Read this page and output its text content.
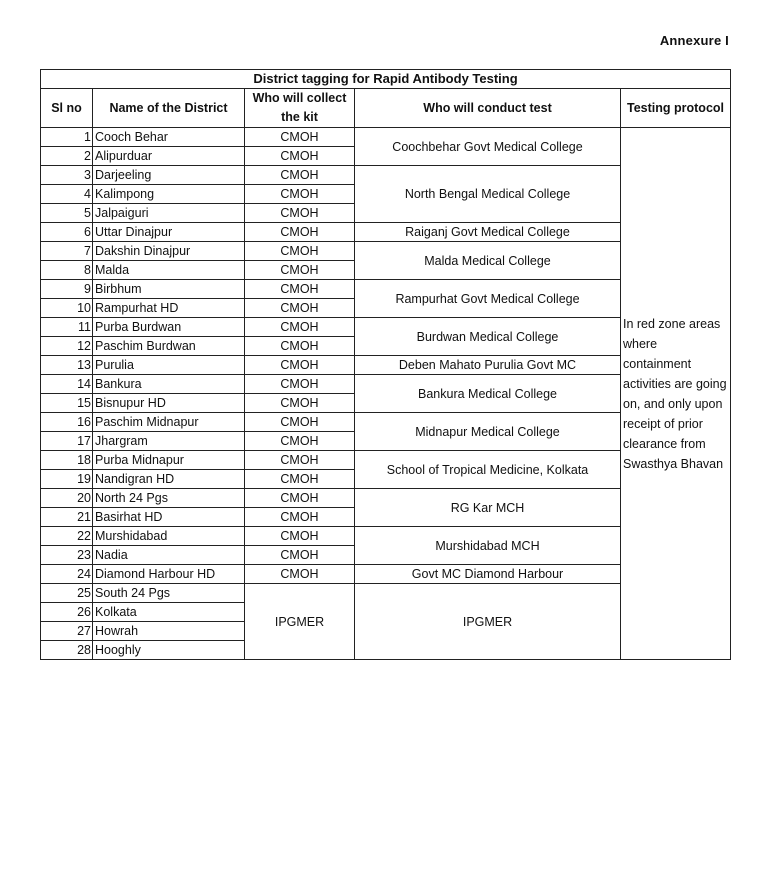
Annexure I
District tagging for Rapid Antibody Testing				
Sl no	Name of the District	Who will collect the kit	Who will conduct test	Testing protocol
1	Cooch Behar	CMOH	Coochbehar Govt Medical College	In red zone areas where containment activities are going on, and only upon receipt of prior clearance from Swasthya Bhavan
2	Alipurduar	CMOH		
3	Darjeeling	CMOH	North Bengal Medical College	
4	Kalimpong	CMOH		
5	Jalpaiguri	CMOH		
6	Uttar Dinajpur	CMOH	Raiganj Govt Medical College	
7	Dakshin Dinajpur	CMOH	Malda Medical College	
8	Malda	CMOH		
9	Birbhum	CMOH	Rampurhat Govt Medical College	
10	Rampurhat HD	CMOH		
11	Purba Burdwan	CMOH	Burdwan Medical College	
12	Paschim Burdwan	CMOH		
13	Purulia	CMOH	Deben Mahato Purulia Govt MC	
14	Bankura	CMOH	Bankura Medical College	
15	Bisnupur HD	CMOH		
16	Paschim Midnapur	CMOH	Midnapur Medical College	
17	Jhargram	CMOH		
18	Purba Midnapur	CMOH	School of Tropical Medicine, Kolkata	
19	Nandigran HD	CMOH		
20	North 24 Pgs	CMOH	RG Kar MCH	
21	Basirhat HD	CMOH		
22	Murshidabad	CMOH	Murshidabad MCH	
23	Nadia	CMOH		
24	Diamond Harbour HD	CMOH	Govt MC Diamond Harbour	
25	South 24 Pgs	IPGMER	IPGMER	
26	Kolkata			
27	Howrah			
28	Hooghly			
